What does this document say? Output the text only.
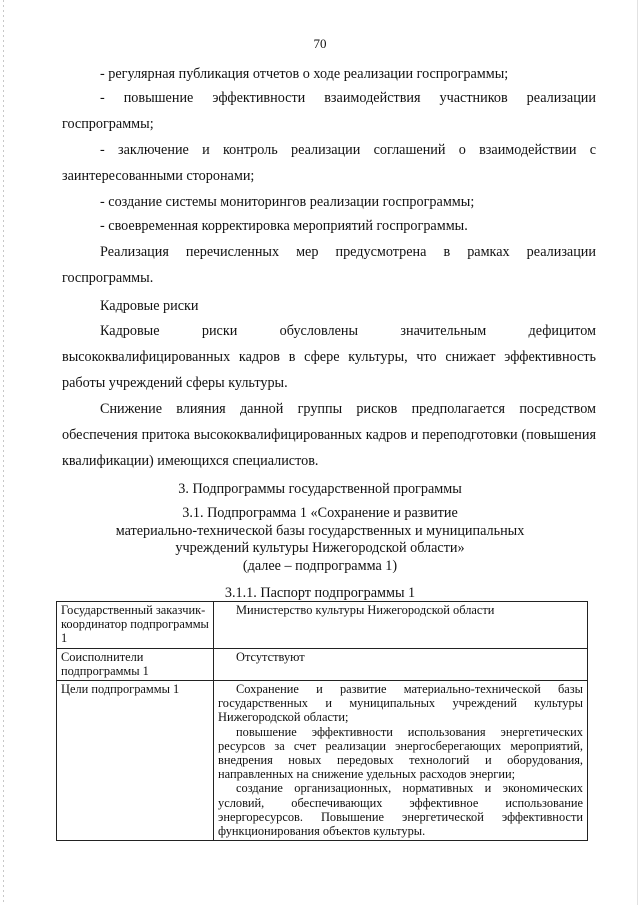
70

- регулярная публикация отчетов о ходе реализации госпрограммы;

- повышение эффективности взаимодействия участников реализации госпрограммы;

- заключение и контроль реализации соглашений о взаимодействии с заинтересованными сторонами;

- создание системы мониторингов реализации госпрограммы;

- своевременная корректировка мероприятий госпрограммы.

Реализация перечисленных мер предусмотрена в рамках реализации госпрограммы.

Кадровые риски

Кадровые риски обусловлены значительным дефицитом высококвалифицированных кадров в сфере культуры, что снижает эффективность работы учреждений сферы культуры.

Снижение влияния данной группы рисков предполагается посредством обеспечения притока высококвалифицированных кадров и переподготовки (повышения квалификации) имеющихся специалистов.

3. Подпрограммы государственной программы

3.1. Подпрограмма 1 «Сохранение и развитие
материально-технической базы государственных и муниципальных
учреждений культуры Нижегородской области»
(далее – подпрограмма 1)
3.1.1. Паспорт подпрограммы 1
Государственный заказчик-координатор подпрограммы 1	Министерство культуры Нижегородской области

Соисполнители подпрограммы 1	Отсутствуют

Цели подпрограммы 1	Сохранение и развитие материально-технической базы государственных и муниципальных учреждений культуры Нижегородской области;
повышение эффективности использования энергетических ресурсов за счет реализации энергосберегающих мероприятий, внедрения новых передовых технологий и оборудования, направленных на снижение удельных расходов энергии;
создание организационных, нормативных и экономических условий, обеспечивающих эффективное использование энергоресурсов. Повышение энергетической эффективности функционирования объектов культуры.
